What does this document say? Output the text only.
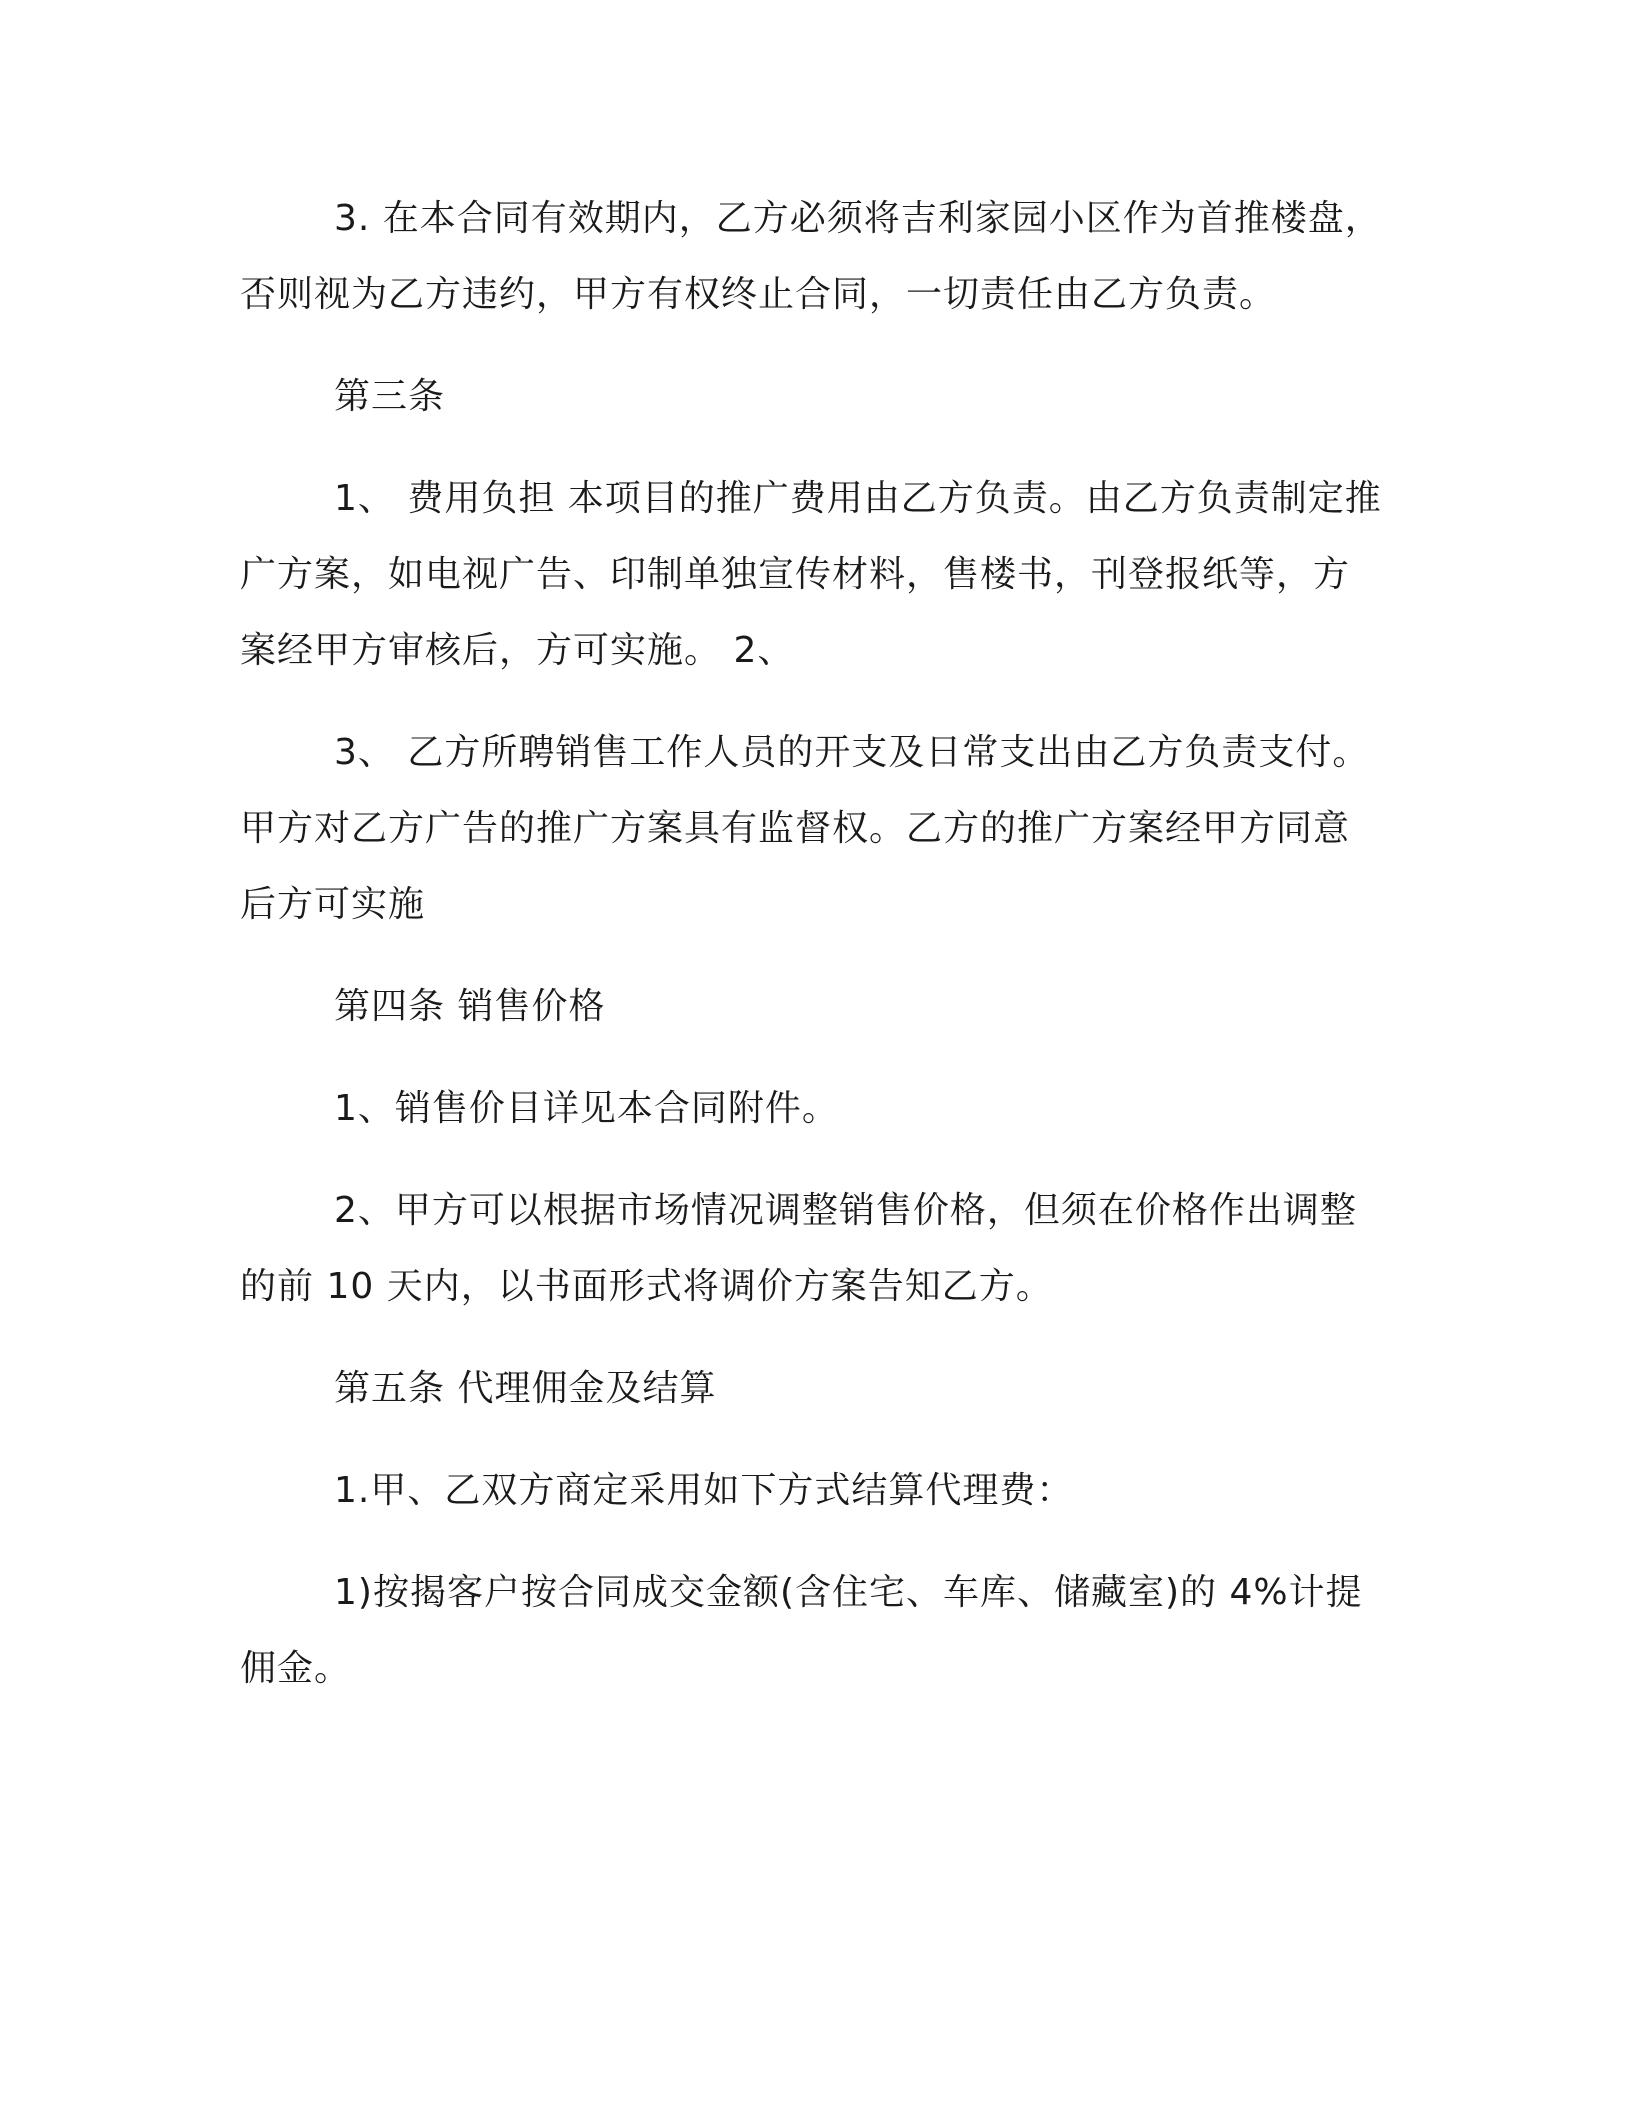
3. 在本合同有效期内，乙方必须将吉利家园小区作为首推楼盘，
否则视为乙方违约，甲方有权终止合同，一切责任由乙方负责。
第三条
1、 费用负担 本项目的推广费用由乙方负责。由乙方负责制定推
广方案，如电视广告、印制单独宣传材料，售楼书，刊登报纸等，方
案经甲方审核后，方可实施。 2、
3、 乙方所聘销售工作人员的开支及日常支出由乙方负责支付。
甲方对乙方广告的推广方案具有监督权。乙方的推广方案经甲方同意
后方可实施
第四条 销售价格
1、销售价目详见本合同附件。
2、甲方可以根据市场情况调整销售价格，但须在价格作出调整
的前 10 天内，以书面形式将调价方案告知乙方。
第五条 代理佣金及结算
1.甲、乙双方商定采用如下方式结算代理费：
1)按揭客户按合同成交金额(含住宅、车库、储藏室)的 4%计提
佣金。
